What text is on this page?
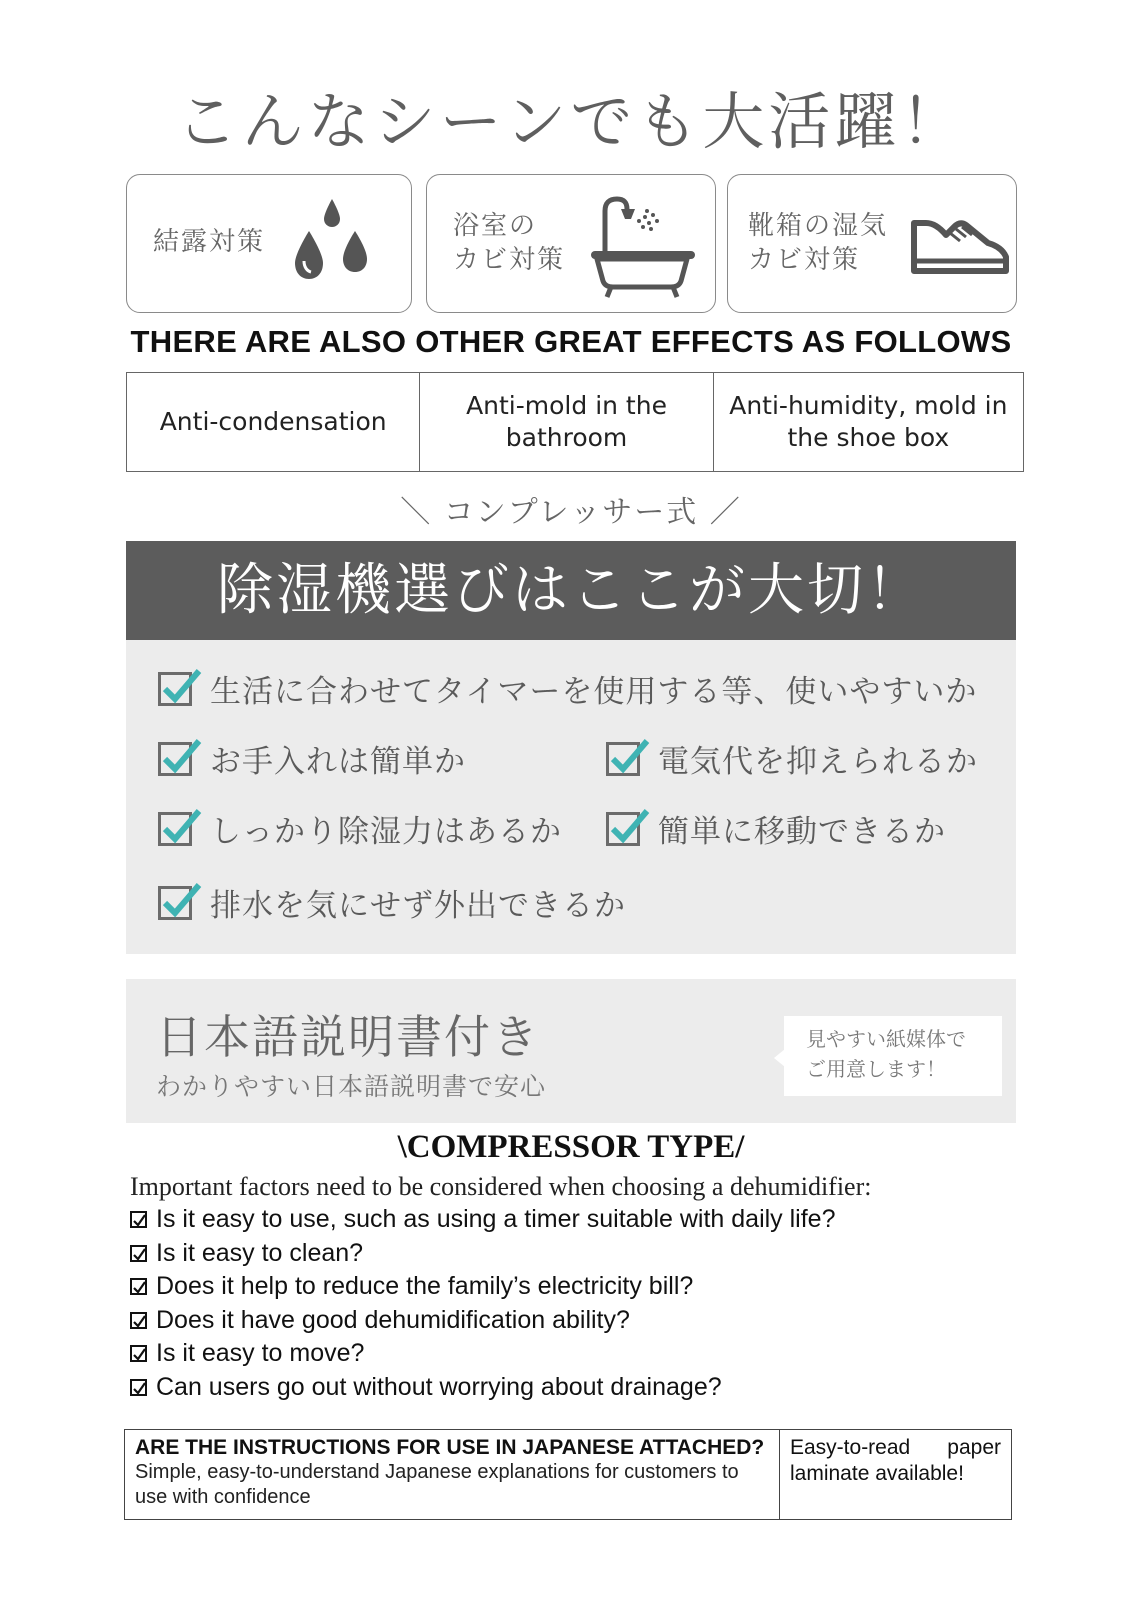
こんなシーンでも大活躍！
結露対策
浴室の
カビ対策
靴箱の湿気
カビ対策
THERE ARE ALSO OTHER GREAT EFFECTS AS FOLLOWS
Anti-condensation
Anti-mold in the bathroom
Anti-humidity, mold in the shoe box
＼ コンプレッサー式 ／
除湿機選びはここが大切！
生活に合わせてタイマーを使用する等、使いやすいか
お手入れは簡単か	電気代を抑えられるか
しっかり除湿力はあるか	簡単に移動できるか
排水を気にせず外出できるか
日本語説明書付き
わかりやすい日本語説明書で安心
見やすい紙媒体で
ご用意します！
\COMPRESSOR TYPE/
Important factors need to be considered when choosing a dehumidifier:
Is it easy to use, such as using a timer suitable with daily life?
Is it easy to clean?
Does it help to reduce the family’s electricity bill?
Does it have good dehumidification ability?
Is it easy to move?
Can users go out without worrying about drainage?
ARE THE INSTRUCTIONS FOR USE IN JAPANESE ATTACHED?
Simple, easy-to-understand Japanese explanations for customers to use with confidence
Easy-to-read paper laminate available!
